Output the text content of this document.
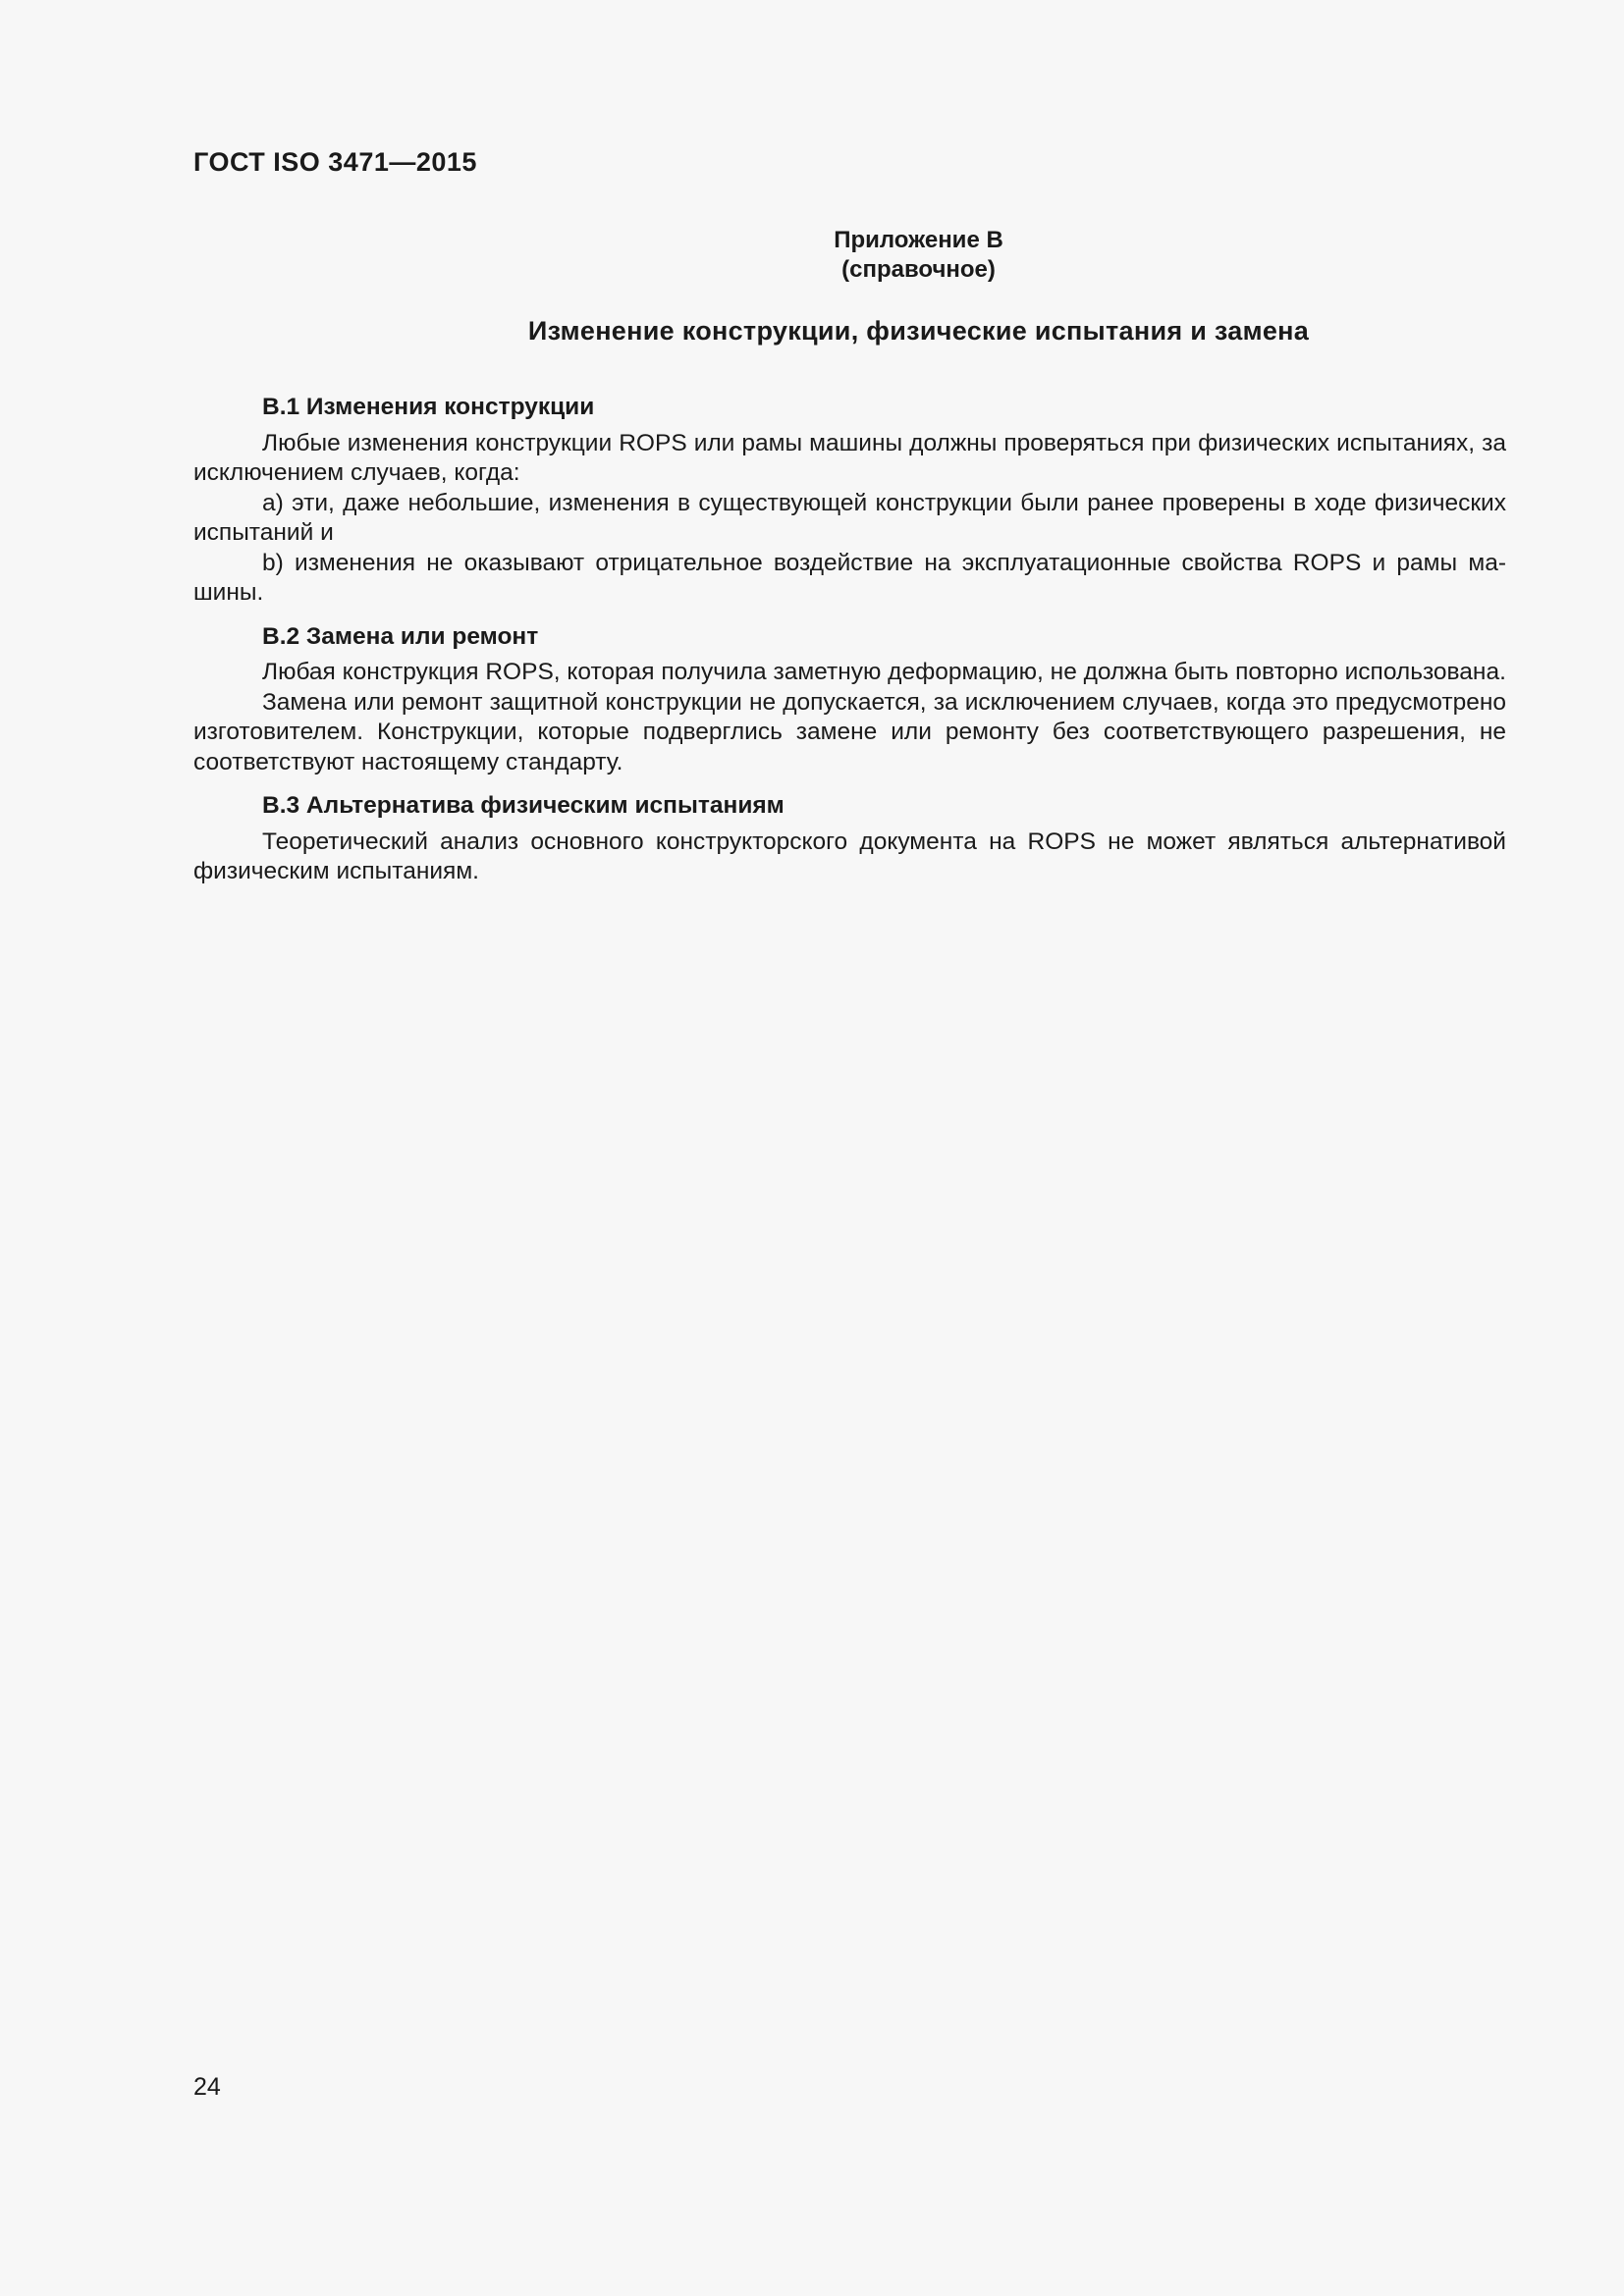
ГОСТ ISO 3471—2015
Приложение B
(справочное)
Изменение конструкции, физические испытания и замена
B.1 Изменения конструкции

Любые изменения конструкции ROPS или рамы машины должны проверяться при физических испытаниях, за исключением случаев, когда:

a) эти, даже небольшие, изменения в существующей конструкции были ранее проверены в ходе физических испытаний и

b) изменения не оказывают отрицательное воздействие на эксплуатационные свойства ROPS и рамы машины.

B.2 Замена или ремонт

Любая конструкция ROPS, которая получила заметную деформацию, не должна быть повторно использована.

Замена или ремонт защитной конструкции не допускается, за исключением случаев, когда это предусмотрено изготовителем. Конструкции, которые подверглись замене или ремонту без соответствующего разрешения, не соответствуют настоящему стандарту.

B.3 Альтернатива физическим испытаниям

Теоретический анализ основного конструкторского документа на ROPS не может являться альтернативой физическим испытаниям.

24
